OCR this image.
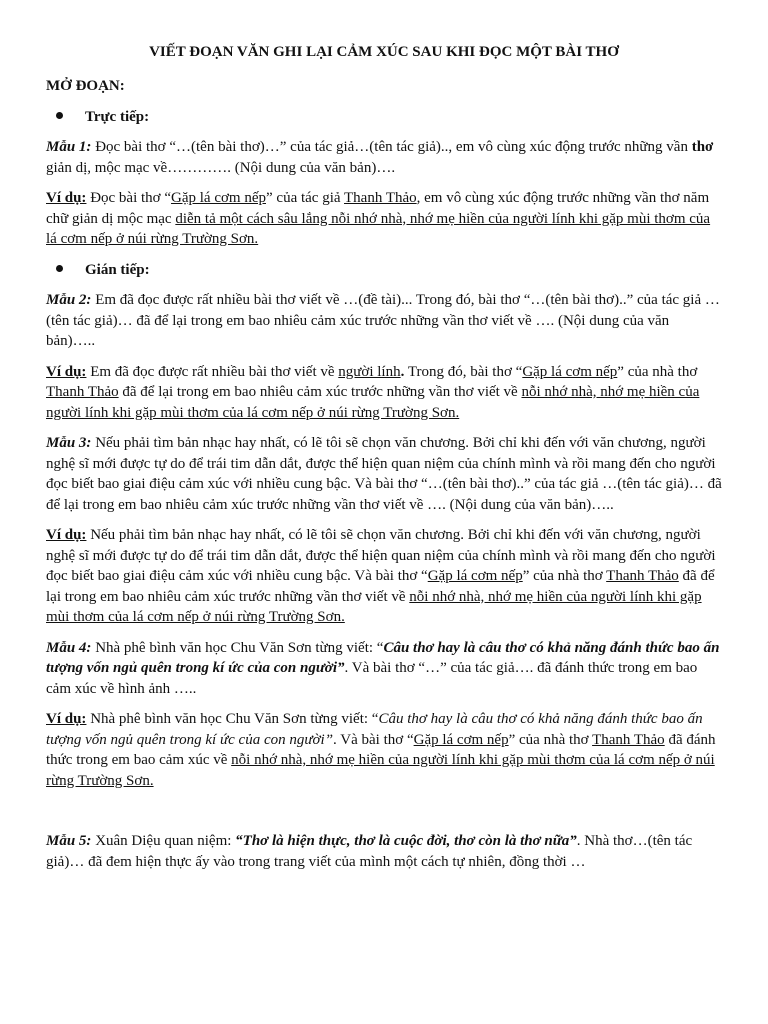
VIẾT ĐOẠN VĂN GHI LẠI CẢM XÚC SAU KHI ĐỌC MỘT BÀI THƠ
MỞ ĐOẠN:
Trực tiếp:

Mẫu 1: Đọc bài thơ “…(tên bài thơ)…” của tác giả…(tên tác giả).., em vô cùng xúc động trước những vần thơ giản dị, mộc mạc về…………. (Nội dung của văn bản)….

Ví dụ: Đọc bài thơ “Gặp lá cơm nếp” của tác giả Thanh Thảo, em vô cùng xúc động trước những vần thơ năm chữ giản dị mộc mạc diễn tả một cách sâu lắng nỗi nhớ nhà, nhớ mẹ hiền của người lính khi gặp mùi thơm của lá cơm nếp ở núi rừng Trường Sơn.

Gián tiếp:

Mẫu 2: Em đã đọc được rất nhiều bài thơ viết về …(đề tài)... Trong đó, bài thơ “…(tên bài thơ)..” của tác giả …(tên tác giả)… đã để lại trong em bao nhiêu cảm xúc trước những vần thơ viết về …. (Nội dung của văn bản)…..

Ví dụ: Em đã đọc được rất nhiều bài thơ viết về người lính. Trong đó, bài thơ “Gặp lá cơm nếp” của nhà thơ Thanh Thảo đã để lại trong em bao nhiêu cảm xúc trước những vần thơ viết về nỗi nhớ nhà, nhớ mẹ hiền của người lính khi gặp mùi thơm của lá cơm nếp ở núi rừng Trường Sơn.

Mẫu 3: Nếu phải tìm bản nhạc hay nhất, có lẽ tôi sẽ chọn văn chương. Bởi chỉ khi đến với văn chương, người nghệ sĩ mới được tự do để trái tim dẫn dắt, được thể hiện quan niệm của chính mình và rồi mang đến cho người đọc biết bao giai điệu cảm xúc với nhiều cung bậc. Và bài thơ “…(tên bài thơ)..” của tác giả …(tên tác giả)… đã để lại trong em bao nhiêu cảm xúc trước những vần thơ viết về …. (Nội dung của văn bản)…..

Ví dụ: Nếu phải tìm bản nhạc hay nhất, có lẽ tôi sẽ chọn văn chương. Bởi chỉ khi đến với văn chương, người nghệ sĩ mới được tự do để trái tim dẫn dắt, được thể hiện quan niệm của chính mình và rồi mang đến cho người đọc biết bao giai điệu cảm xúc với nhiều cung bậc. Và bài thơ “Gặp lá cơm nếp” của nhà thơ Thanh Thảo đã để lại trong em bao nhiêu cảm xúc trước những vần thơ viết về nỗi nhớ nhà, nhớ mẹ hiền của người lính khi gặp mùi thơm của lá cơm nếp ở núi rừng Trường Sơn.

Mẫu 4: Nhà phê bình văn học Chu Văn Sơn từng viết: “Câu thơ hay là câu thơ có khả năng đánh thức bao ấn tượng vốn ngủ quên trong kí ức của con người”. Và bài thơ “…” của tác giả…. đã đánh thức trong em bao cảm xúc về hình ảnh …..

Ví dụ: Nhà phê bình văn học Chu Văn Sơn từng viết: “Câu thơ hay là câu thơ có khả năng đánh thức bao ấn tượng vốn ngủ quên trong kí ức của con người”. Và bài thơ “Gặp lá cơm nếp” của nhà thơ Thanh Thảo đã đánh thức trong em bao cảm xúc về nỗi nhớ nhà, nhớ mẹ hiền của người lính khi gặp mùi thơm của lá cơm nếp ở núi rừng Trường Sơn.

Mẫu 5: Xuân Diệu quan niệm: “Thơ là hiện thực, thơ là cuộc đời, thơ còn là thơ nữa”. Nhà thơ…(tên tác giả)… đã đem hiện thực ấy vào trong trang viết của mình một cách tự nhiên, đồng thời …
